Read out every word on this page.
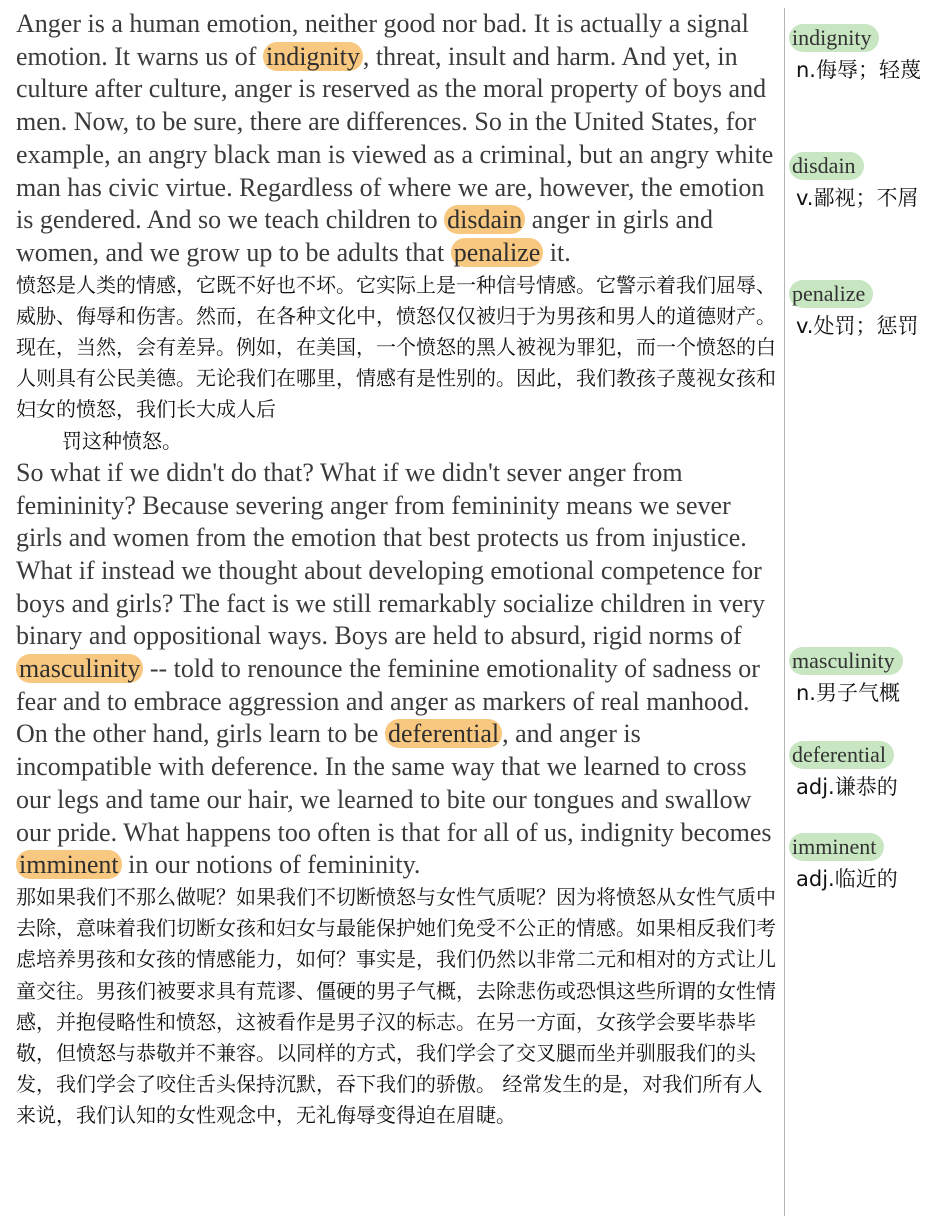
Anger is a human emotion, neither good nor bad. It is actually a signal emotion. It warns us of indignity , threat, insult and harm. And yet, in culture after culture, anger is reserved as the moral property of boys and men. Now, to be sure, there are differences. So in the United States, for example, an angry black man is viewed as a criminal, but an angry white man has civic virtue. Regardless of where we are, however, the emotion is gendered. And so we teach children to disdain anger in girls and women, and we grow up to be adults that penalize it.

愤怒是人类的情感，它既不好也不坏。它实际上是一种信号情感。它警示着我们屈辱、威胁、侮辱和伤害。然而，在各种文化中，愤怒仅仅被归于为男孩和男人的道德财产。现在，当然，会有差异。例如，在美国，一个愤怒的黑人被视为罪犯，而一个愤怒的白人则具有公民美德。无论我们在哪里，情感有是性别的。因此，我们教孩子蔑视女孩和妇女的愤怒，我们长大成人后
罚这种愤怒。

So what if we didn't do that? What if we didn't sever anger from femininity? Because severing anger from femininity means we sever girls and women from the emotion that best protects us from injustice. What if instead we thought about developing emotional competence for boys and girls? The fact is we still remarkably socialize children in very binary and oppositional ways. Boys are held to absurd, rigid norms of masculinity -- told to renounce the feminine emotionality of sadness or fear and to embrace aggression and anger as markers of real manhood. On the other hand, girls learn to be deferential , and anger is incompatible with deference. In the same way that we learned to cross our legs and tame our hair, we learned to bite our tongues and swallow our pride. What happens too often is that for all of us, indignity becomes imminent in our notions of femininity.

那如果我们不那么做呢？如果我们不切断愤怒与女性气质呢？因为将愤怒从女性气质中去除，意味着我们切断女孩和妇女与最能保护她们免受不公正的情感。如果相反我们考虑培养男孩和女孩的情感能力，如何？事实是，我们仍然以非常二元和相对的方式让儿童交往。男孩们被要求具有荒谬、僵硬的男子气概，去除悲伤或恐惧这些所谓的女性情感，并抱侵略性和愤怒，这被看作是男子汉的标志。在另一方面，女孩学会要毕恭毕敬，但愤怒与恭敬并不兼容。以同样的方式，我们学会了交叉腿而坐并驯服我们的头发，我们学会了咬住舌头保持沉默，吞下我们的骄傲。 经常发生的是，对我们所有人来说，我们认知的女性观念中，无礼侮辱变得迫在眉睫。

indignity
n.侮辱；轻蔑
disdain
v.鄙视；不屑
penalize
v.处罚；惩罚
masculinity
n.男子气概
deferential
adj.谦恭的
imminent
adj.临近的
